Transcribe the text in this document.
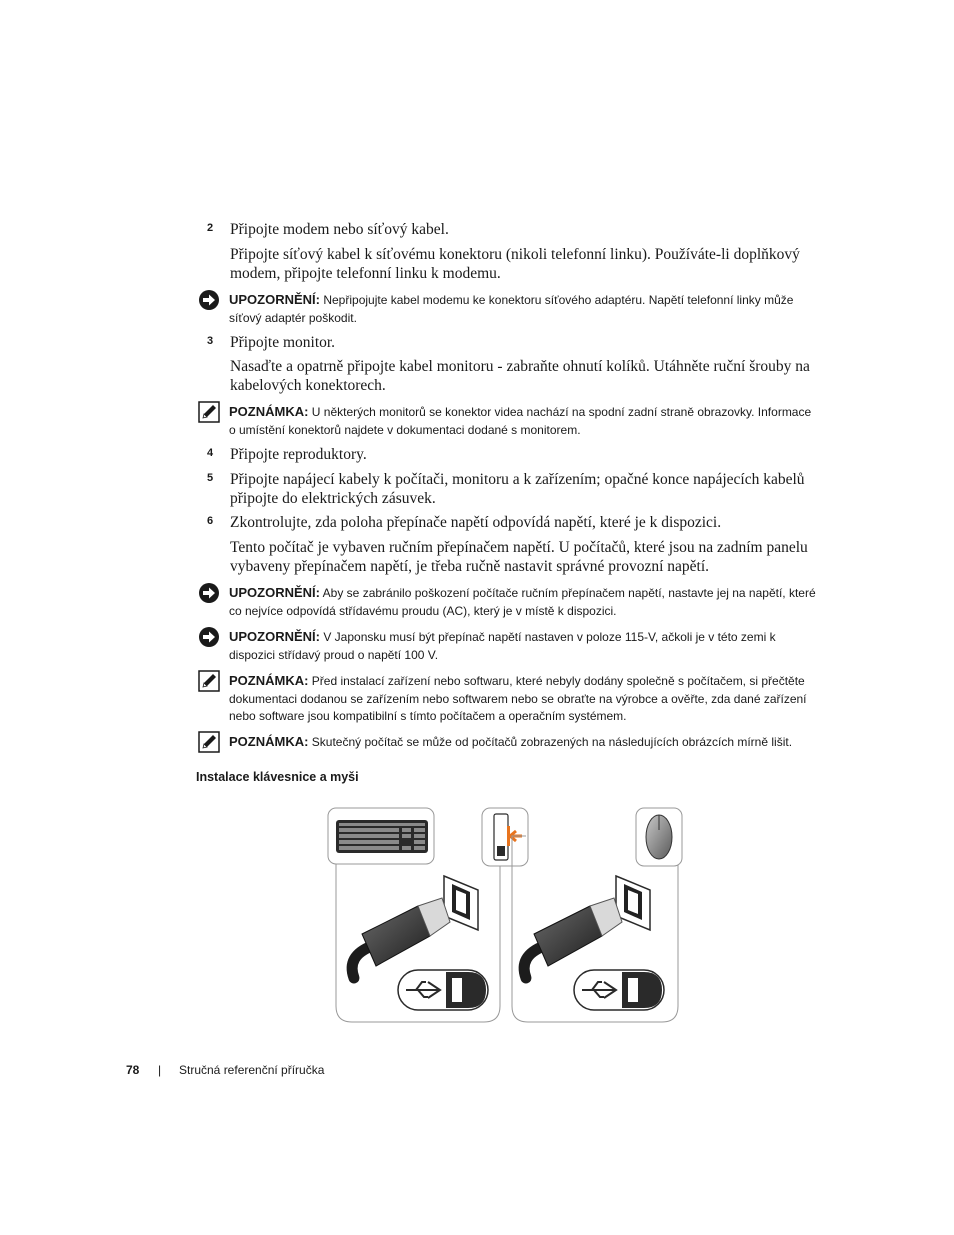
2 Připojte modem nebo síťový kabel.
Připojte síťový kabel k síťovému konektoru (nikoli telefonní linku). Používáte-li doplňkový modem, připojte telefonní linku k modemu.
UPOZORNĚNÍ: Nepřipojujte kabel modemu ke konektoru síťového adaptéru. Napětí telefonní linky může síťový adaptér poškodit.
3 Připojte monitor.
Nasaďte a opatrně připojte kabel monitoru - zabraňte ohnutí kolíků. Utáhněte ruční šrouby na kabelových konektorech.
POZNÁMKA: U některých monitorů se konektor videa nachází na spodní zadní straně obrazovky. Informace o umístění konektorů najdete v dokumentaci dodané s monitorem.
4 Připojte reproduktory.
5 Připojte napájecí kabely k počítači, monitoru a k zařízením; opačné konce napájecích kabelů připojte do elektrických zásuvek.
6 Zkontrolujte, zda poloha přepínače napětí odpovídá napětí, které je k dispozici.
Tento počítač je vybaven ručním přepínačem napětí. U počítačů, které jsou na zadním panelu vybaveny přepínačem napětí, je třeba ručně nastavit správné provozní napětí.
UPOZORNĚNÍ: Aby se zabránilo poškození počítače ručním přepínačem napětí, nastavte jej na napětí, které co nejvíce odpovídá střídavému proudu (AC), který je v místě k dispozici.
UPOZORNĚNÍ: V Japonsku musí být přepínač napětí nastaven v poloze 115-V, ačkoli je v této zemi k dispozici střídavý proud o napětí 100 V.
POZNÁMKA: Před instalací zařízení nebo softwaru, které nebyly dodány společně s počítačem, si přečtěte dokumentaci dodanou se zařízením nebo softwarem nebo se obraťte na výrobce a ověřte, zda dané zařízení nebo software jsou kompatibilní s tímto počítačem a operačním systémem.
POZNÁMKA: Skutečný počítač se může od počítačů zobrazených na následujících obrázcích mírně lišit.
Instalace klávesnice a myši
78 | Stručná referenční příručka
